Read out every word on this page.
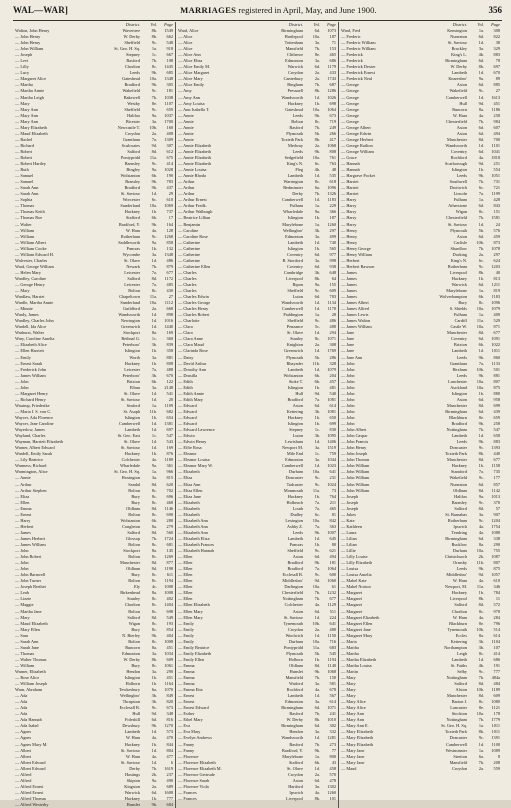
WAL—WAR]	MARRIAGES registered in April, May, and June 1900.	356
District.	Vol.	Page
Walton, John Henry	Wavertree	8b.	1549
— John Henry	W. Derby	8b.	662
— John Henry	Sheffield	9c.	548
— John William	St. Geo. H. Sq.	1a.	918
— Joseph	Stepney	1c.	667
— Levi	Basford	7b.	108
— Lilly	Chorlton	8c.	1445
— Lucy	Leeds	9b.	685
— Margaret Alice	Gateshead	10a.	1348
— Martha	Bradford	9b.	305
— Martha Annie	Wakefield	9c.	181
— Martha Leigh	Bakewell	7b.	1038
— Mary	Westby	8e.	1107
— Mary Ann	Sheffield	9c.	659
— Mary Ann	Halifax	9a.	1037
— Mary Ann	Bicester	3a.	1700
— Mary Elizabeth	Newcastle T.	10b.	160
— Maud Elizabeth	Croydon	2a.	408
— Rachel	Grantham	7a.	1309
— Richard	Sculcoates	9d.	307
— Robert	Salford	8d.	612
— Robert	Pontypridd	11a.	675
— Robert Hartley	Barnsley	9c.	414
— Ruth	Bingley	9a.	1028
— Samuel	Wolstanton	6b.	190
— Samuel	Bramley	9b.	783
— Sarah Ann	Bradford	9b.	437
— Sarah Ann	St. Saviour	1d.	29
— Sophia	Worcester	6c.	610
— Thomas	Sunderland	10a.	1069
— Thomas Keith	Hackney	1b.	737
— Thomas Roe	Stafford	6b.	17
— Walter	Bradford, Y.	9b.	164
— William	W. Ham	4a.	128
— William	Rotherham	9c.	1268
— William Albert	Saddleworth	9a.	858
— William Cooke	Pancras	1b.	132
— William Edward H.	Wycombe	3a.	1348
Walvester, Charles	St. Olave	1d.	486
Ward, George William	Newark	7b.	879
— Helen Mary	Leicester	7a.	677
Wardley, Caroline	Salford	8d.	1172
— George Henry	Leicester	7a.	485
— Mary	Bolton	8c.	430
Wardlaw, Harriet	Chapeltown	11a.	27
Wardle, Martha Annie	Sunderland	10a.	1112
— Minnie	Guildford	2a.	668
Wardy, James	Wandsworth	1d.	898
Wardley, Charles John	Newington	1d.	1016
Wardell, Ida Alice	Greenwich	1d.	1440
Warhurst, Walter	Stockport	8a.	169
Wary, Caroline Amelia	Bethnal G.	1c.	360
— Elizabeth Alice	Peterboro'	3b.	839
— Ellen Harriett	Islington	1b.	358
— Emily	Worth	3a.	881
— Ernest Sarah	Hackney	1b.	808
— Frederick John	Leicester	7a.	488
— James William	Peterboro'	3b.	670
— John	Brixton	6b.	122
— John	Ellam	3a.	2148
— Margaret Henry	St. Olave	1d.	541
— Richard Henry	St. Saviour	1d.	20
Wautrup, Friederike	Seaford	1a.	1109
— Maria I. S. von C.	St. Asaph	11b.	682
Waycer, Ada Florence	Islington	1b.	654
Waycer, Jane Caroline	Camberwell	1d.	1381
Wayerlow, James	Lambeth	1d.	697
Wayland, Charles	St. Geo. East	1c.	547
Wayman, Harriett Elizabeth	St. Olave	1d.	543
Warner, Albert Edward	St. Saviour	1d.	169
Wardell, Emily Sarah	Hackney	1b.	876
— Lily Beatrice	Colchester	4a.	1180
Warmess, Richard	Wharfedale	9a.	361
Warmington, Alice	St. Geo. H. Sq.	1a.	966
— Annie	Hoxington	3a.	815
— Arthur	Sandal	8d.	620
— Arthur Stephen	Bolton	8c.	702
— Eliza	Bury	8c.	696
— Ellen	Bury	8c.	468
— Emma	Oldham	8d.	1146
— Ernest	Bolton	8c.	690
— Harry	Wolstanton	6b.	280
— Herbert	Congleton	8a.	279
— James	Salford	8d.	560
— James Herbert	Glossop	7b.	1724
— James William	Bolton	8c.	681
— John	Stockport	8a.	145
— John Robert	Bolton	8c.	1269
— John	Manchester	8d.	877
— John	Oldham	8d.	1198
— John Barnwell	Bury	8c.	611
— John Turner	Bolton	8c.	1194
— Joseph Brethet	Ely	4c.	1008
— Leah	Birkenhead	8a.	1008
— Lizzie	Stanley	8c.	402
— Maggie	Chorlton	8c.	1404
— Martha Jane	Bolton	8c.	698
— Mary	Salford	8d.	549
— Maud Elizabeth	Wigan	8c.	193
— Mary Ellen	Bury	8c.	854
— Sam	N. Bierley	9b.	404
— Sarah Ann	Bolton	8c.	1008
— Sarah Jane	Runcorn	8a.	451
— Thomas	Edmonton	3a.	1034
— Walter Thomas	W. Derby	8b.	609
— William	Bury	8c.	1061
Warner, Elizabeth	Hendon	3a.	290
— Rose Alice	Islington	1b.	451
— William Joseph	Holborn	1b.	1164
Warn, Abraham	Tewkesbury	6a.	1070
— Ada	Wellingbro'	3b.	849
— Ada	Thrapston	3b.	820
— Ada	Ecclesall B.	9c.	673
— Ada	Hull	9d.	348
— Ada Hannah	Foleshill	6d.	816
— Ada Isabel	Dewsbury	9b.	1270
— Agnes	Lambeth	1d.	573
— Agnes	W. Ham	4a.	470
— Agnes Mary M.	Hackney	1b.	844
— Albert	St. Saviour	1d.	804
— Albert	W. Ham	4a.	477
— Albert Edward	St. Saviour	1d.	6
— Albert Edward	Derby	7b.	1619
— Alfred	Hastings	2b.	237
— Alfred	Skipton	9a.	490
— Alfred Ernest	Kingston	2a.	689
— Alfred Ernest	Warwick	6d.	1608
— Alfred Thomas	Hackney	1b.	777
— Alfred Westerby	Hunslet	9b.	684
District.	Vol.	Page
Ward, Alice	Birmingham	6d.	1073
— Alice	Hartlepool	10a.	187
— Alice	Tottenham	3a.	71
— Alice	Mansfield	7b.	153
— Alice Ann	Clitheroe	8e.	465
— Alice Eliza	Edmonton	3a.	686
— Alice Emily M.	Warwick	6d.	1179
— Alice Margaret	Croydon	2a.	433
— Alice Mary	Canterbury	2a.	1743
— Alice Emily	Bingham	7b.	687
— Amy	Pressnell	8b.	1286
— Amy Ann	Wandsworth	1d.	1026
— Amy Louisa	Hackney	1b.	698
— Ann Isabella T.	Gateshead	10a.	1064
— Annie	Leeds	9b.	673
— Annie	Bolton	8c.	719
— Annie	Basford	7b.	249
— Annie	Plymouth	5b.	266
— Annie	Toxteth Park	8b.	417
— Annie Elizabeth	Medway	2a.	1068
— Annie Elizabeth	Leeds	9b.	808
— Annie Elizabeth	Sedgefield	10a.	761
— Annie Elizabeth	King's N.	6c.	763
— Annie Louisa	Fleg	4b.	48
— Annie Rhoda	Lambeth	1d.	535
— Arthur	Warrington	8c.	618
— Arthur	Bedminster	6a.	1096
— Arthur	Derby	7b.	1326
— Arthur Ernest	Camberwell	1d.	1183
— Arthur Fredk.	Fulham	1a.	229
— Arthur Walburgh	Wharfedale	9a.	366
— Beatrice Lillian	Islington	1b.	187
— Benjamin	Marylebone	1a.	1260
— Caroline	Wellingbro'	3b.	297
— Caroline Rose	Edmonton	3a.	499
— Catherine	Lambeth	1d.	740
— Catherine	Islington	1b.	565
— Catherine	Coventry	6d.	977
— Catherine	B. Stortford	3a.	998
— Catherine Ellen	Coventry	6d.	938
— Charles	Cambridge	3b.	648
— Charles	Liverpool	8b.	64
— Charles	Ripon	9a.	155
— Charles	Sheffield	9c.	609
— Charles Edwin	Luton	6d.	783
— Charles George	Wandsworth	1d.	1134
— Charles Henry	Camberwell	1d.	1170
— Charles Robert	Paddington	1a.	28
— Charlotte	Sheffield	9c.	486
— Clara	Penzance	5c.	488
— Clara	St. Olave	1d.	294
— Clara Anne	Stanley	8c.	1071
— Clara Maud	Knighton	2a.	308
— Clarinda Rose	Greenwich	1d.	1769
— Daisy	Plymouth	5b.	286
— David Arthur	Rhayader	11b.	328
— Dorothy Ann	Lambeth	1d.	1079
— Drusilla	Wolstanton	6b.	204
— Edith	Stoke T.	6b.	457
— Edith	Islington	1b.	481
— Edith Annie	Hull	9d.	540
— Edith Mary	Bradford	7a.	1081
— Edward	Aston	6d.	614
— Edward	Kettering	3b.	1081
— Edward	Hackney	1b.	650
— Edward	Islington	1b.	699
— Edward Lawrence	Stepney	1c.	830
— Edwin	Luton	3b.	1095
— Edwin Henry	Lewisham	1d.	1406
— Effie Rosa	Newport M.	3a.	1519
— Eleanor	Mile End	1c.	759
— Eleanor Louisa	Edmonton	3a.	1044
— Eleanor Mary W.	Camberwell	1d.	1023
— Elizabeth	Durham	10a.	641
— Eliza	Doncaster	9c.	231
— Eliza Ann	Tadcaster	9c.	1024
— Eliza Ellen	Monmouth	11a.	73
— Eliza Jane	Hackney	1b.	764
— Elizabeth	Holbeach	7a.	211
— Elizabeth	Louth	7a.	465
— Elizabeth	Dudley	6c.	81
— Elizabeth Ann	Lexington	10a.	842
— Elizabeth Ann	Ashby Z.	7a.	363
— Elizabeth Ann	Leeds	9b.	1007
— Elizabeth Eliza	Lambeth	1d.	645
— Elizabeth Frances	Pancras	1b.	80
— Elizabeth Hannah	Sheffield	9c.	621
— Ellen	Aston	6d.	494
— Ellen	Bradford	9b.	181
— Ellen	Bradford	7a.	1064
— Ellen	Ecclesall B.	9c.	600
— Ellen	Middlesbro'	9d.	1060
— Ellen	Darlington	10a.	61
— Ellen	Chesterfield	7b.	1232
— Ellen	Nottingham	7b.	677
— Ellen Elizabeth	Colchester	4a.	1129
— Ellen Mary	Aston	6d.	511
— Ellen Mary	St. Saviour	1d.	224
— Emily	Tynemouth	10b.	641
— Emily	Croydon	2a.	480
— Emily	Woolwich	1d.	1150
— Emily	Durham	10a.	716
— Emily Beatrice	Pontypridd	11a.	683
— Emily Elizabeth	Plymouth	5b.	545
— Emily Ellen	Holborn	1b.	1194
— Emma	Oldham	8d.	1140
— Emma	Hunslet	9b.	1068
— Emma	Mansfield	7b.	150
— Emma	Watford	3a.	581
— Emma Etta	Rochford	4a.	678
— Ernest	Lambeth	1d.	567
— Ernest	Edmonton	3a.	614
— Ernest Edward	Birmingham	6d.	1071
— Esther	Basford	7b.	241
— Ethel Mary	W. Derby	8b.	1010
— Eva	Birmingham	6d.	302
— Eva Mary	Hendon	3a.	332
— Evelyn Andrews	Wandsworth	1d.	1281
— Fanny	Basford	7b.	273
— Fanny	Bradford, Y.	9b.	77
— Florence	Marylebone	1a.	800
— Florence Elizabeth	Stafford	6b.	43
— Florence Elizabeth M.	St. Olave	1d.	458
— Florence Gertrude	Croydon	2a.	570
— Florence Sarah	Aston	6d.	478
— Florence Viola	Hartford	3a.	1302
— Frances	Ipswich	4a.	1260
— Frances	Liverpool	8b.	101
District.	Vol.	Page
Ward, Fred	Kensington	1a.	308
— Frederic	Nuneaton	6d.	822
— Frederic William	St. Saviour	1d.	38
— Frederic William	Brackley	3a.	329
— Frederick	King's L.	4b.	883
— Frederick	Birmingham	6d.	78
— Frederick Dexter	W. Derby	8b.	697
— Frederick Ernest	Lambeth	1d.	670
— Frederick Neal	Knaresbro'	9a.	89
— George	Aston	6d.	885
— George	Wakefield	9c.	27
— George	Camberwell	1d.	1613
— George	Hull	9d.	451
— George	Runcorn	8a.	1186
— George	W. Ham	4a.	258
— George	Chesterfield	7b.	984
— George Albert	Aston	6d.	607
— George Edwin	Aston	6d.	494
— George Herbert	Manchester	8d.	700
— George Railton	Wandsworth	1d.	1101
— George William	Coventry	6d.	1041
— Grace	Rochford	4a.	1818
— Hannah	Scarborough	9d.	251
— Hannah	Islington	1b.	554
— Hargrave Pocket	Leeds	9b.	1051
— Harriet	Southwell	7b.	731
— Harriet	Droitwich	6c.	721
— Harriet	Lincoln	7a.	1199
— Harry	Fulham	1a.	428
— Harry	Atherstone	6d.	843
— Harry	Wigan	8c.	151
— Harry	Chesterfield	7b.	1581
— Harry	St. Saviour	1d.	24
— Henry	Plymouth	5b.	576
— Henry	Aston	6d.	459
— Henry	Carlisle	10b.	873
— Henry George	Shardlow	7b.	1078
— Henry William	Dorking	2a.	297
— Herbert	King's N.	6c.	624
— Herbert Rawson	Rotherham	9c.	1203
— James	Liverpool	8b.	40
— James	Hackney	1b.	813
— James	Warwick	6d.	1211
— James	Marylebone	1a.	819
— James	Wolverhampton	6b.	1183
— James Albert	Bury	8c.	1096
— James Alfred	S. Shields	10a.	1079
— James Lewis	Fulham	1a.	409
— James Walton	Cardiff	11a.	529
— James William	Castle W.	10a.	871
— Jane	Manchester	8d.	677
— Jane	Coventry	6d.	1091
— Jane	Brixton	6b.	1022
— Jane	Lambeth	1d.	1011
— Jane Ann	Leeds	9b.	860
— John	Grantham	7a.	1133
— John	Hexham	10b.	501
— John	Leeds	9b.	881
— John	Lanchester	10a.	807
— John	Auckland	10a.	875
— John	Islington	1b.	880
— John	Aston	6d.	958
— John	Manchester	8d.	699
— John	Birmingham	6d.	439
— John	Blackburn	8e.	659
— John	Bradford	9b.	258
— John Albert	Nottingham	7b.	547
— John Caspar	Lambeth	1d.	658
— John Francis	Leeds	9b.	883
— John Henry	Doncaster	9c.	1393
— John Joseph	Toxteth Park	8b.	440
— John Thomas	Manchester	8d.	677
— John William	Hackney	1b.	1158
— John William	Stamford	7a.	735
— John William	Wakefield	9c.	177
— John William	Nuneaton	6d.	857
— John William	Oldham	8d.	1142
— Joseph	Halifax	9a.	1013
— Joseph	Barnsley	9c.	370
— Joseph	Salford	8d.	57
— Jukes	St. Barnabas	3a.	907
— Kate	Rotherham	9c.	1204
— Kathleen	Ipswich	4a.	1754
— Laura	Tendring	4a.	1088
— Lilian	Birmingham	6d.	338
— Lilian	Bucklow	8a.	290
— Lillie	Durham	10a.	755
— Lilly Louise	Christchurch	2b.	1087
— Lilly Elizabeth	Ormsby	11b.	807
— Louisa	Leeds	9b.	875
— Louisa Amelia	Middlesbro'	9d.	1057
— Mabel Kate	W. Ham	4a.	610
— Mabel Norton	Newport, M.	11a.	346
— Margaret	Hackney	1b.	784
— Margaret	Liverpool	8b.	11
— Margaret	Salford	8d.	572
— Margaret	Chorlton	8c.	978
— Margaret Elizabeth	W. Ham	4a.	284
— Margaret Ellen	Blackburn	8e.	796
— Margaret Jane	Tynemouth	10b.	514
— Margaret Mary	Eccles	8a.	614
— Maria	Kettering	3b.	1104
— Martha	Northampton	3b.	107
— Martha	Leigh	8c.	414
— Martha Elizabeth	Lambeth	1d.	686
— Martha Louisa	St. Faiths	4b.	191
— Martin	Selby	9c.	777
— Mary	Nottingham	7b.	484a
— Mary	Salford	8d.	484
— Mary	Alston	10b.	1189
— Mary	Manchester	8d.	609
— Mary Alice	Barton I.	8c.	1080
— Mary Alice	Lancaster	8e.	1121
— Mary Ann	Stockton	10a.	178
— Mary Ann	Nottingham	7b.	1779
— Mary Ann E.	St. Geo. H. Sq.	1a.	1011
— Mary Elizabeth	Toxteth Park	8b.	1011
— Mary Elizabeth	Doncaster	9c.	1391
— Mary Elizabeth	Camberwell	1d.	1100
— Mary Jane	Westminster	1a.	1089
— Mary Jane	Stretton	6a.	8
— Mary Jane	Mansfield	7b.	208
— Maud	Croydon	2a.	559
